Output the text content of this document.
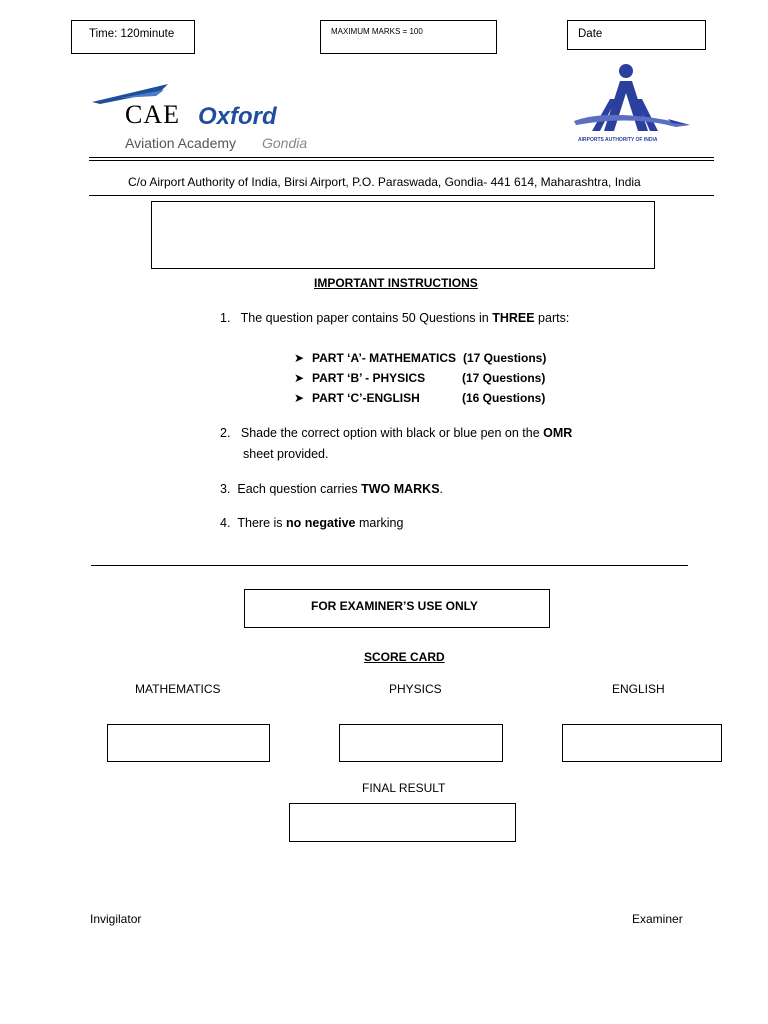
Time: 120minute	MAXIMUM MARKS = 100	Date
CAE Oxford
Aviation Academy Gondia	AIRPORTS AUTHORITY OF INDIA
C/o Airport Authority of India, Birsi Airport, P.O. Paraswada, Gondia- 441 614, Maharashtra, India
IMPORTANT INSTRUCTIONS
1. The question paper contains 50 Questions in THREE parts:
➤ PART ‘A’- MATHEMATICS (17 Questions)
➤ PART ‘B’ - PHYSICS	(17 Questions)
➤ PART ‘C’-ENGLISH	(16 Questions)
2.   Shade the correct option with black or blue pen on the OMR
sheet provided.
3. Each question carries TWO MARKS.
4. There is no negative marking
FOR EXAMINER’S USE ONLY
SCORE CARD
MATHEMATICS	PHYSICS	ENGLISH
FINAL RESULT
Invigilator	Examiner
